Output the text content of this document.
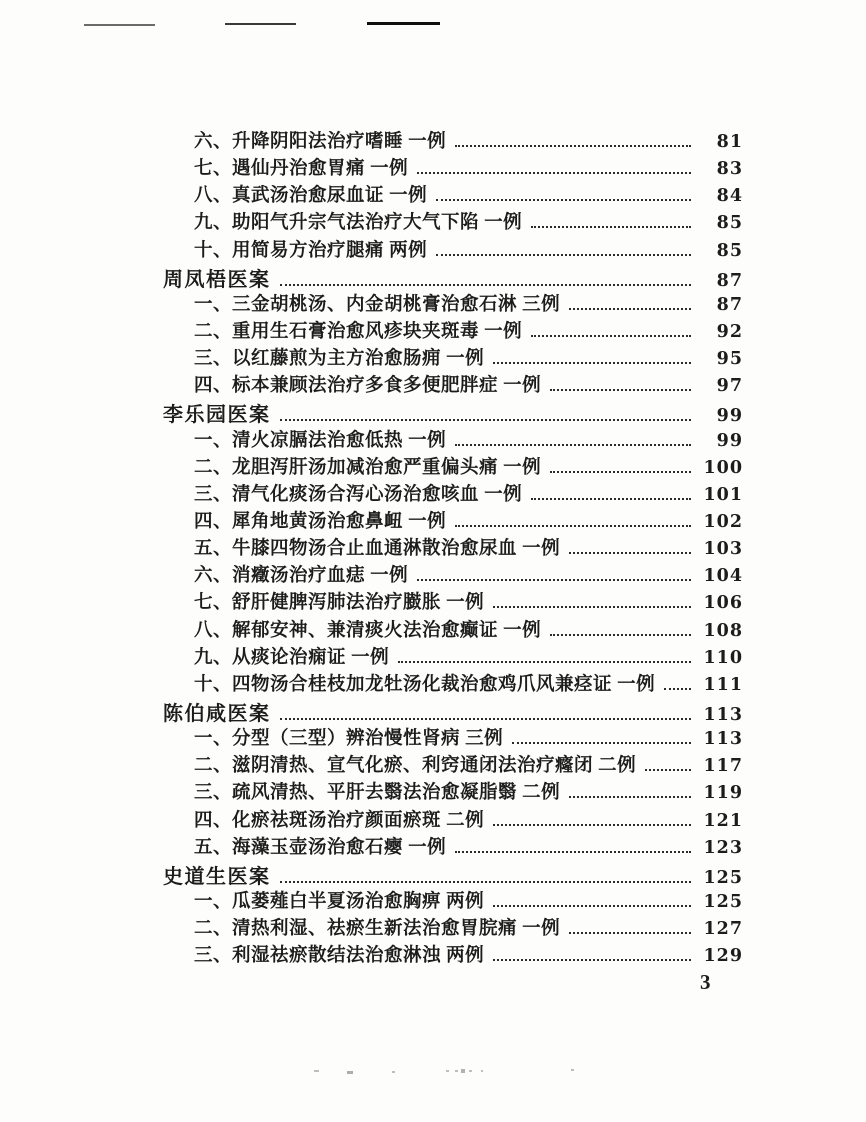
六、升降阴阳法治疗嗜睡 一例	81
七、遇仙丹治愈胃痛 一例	83
八、真武汤治愈尿血证 一例	84
九、助阳气升宗气法治疗大气下陷 一例	85
十、用简易方治疗腿痛 两例	85
周凤梧医案	87
一、三金胡桃汤、内金胡桃膏治愈石淋 三例	87
二、重用生石膏治愈风疹块夹斑毒 一例	92
三、以红藤煎为主方治愈肠痈 一例	95
四、标本兼顾法治疗多食多便肥胖症 一例	97
李乐园医案	99
一、清火凉膈法治愈低热 一例	99
二、龙胆泻肝汤加减治愈严重偏头痛 一例	100
三、清气化痰汤合泻心汤治愈咳血 一例	101
四、犀角地黄汤治愈鼻衄 一例	102
五、牛膝四物汤合止血通淋散治愈尿血 一例	103
六、消癥汤治疗血痣 一例	104
七、舒肝健脾泻肺法治疗臌胀 一例	106
八、解郁安神、兼清痰火法治愈癫证 一例	108
九、从痰论治痫证 一例	110
十、四物汤合桂枝加龙牡汤化裁治愈鸡爪风兼痉证 一例	111
陈伯咸医案	113
一、分型（三型）辨治慢性肾病 三例	113
二、滋阴清热、宣气化瘀、利窍通闭法治疗癃闭 二例	117
三、疏风清热、平肝去翳法治愈凝脂翳 二例	119
四、化瘀祛斑汤治疗颜面瘀斑 二例	121
五、海藻玉壶汤治愈石瘿 一例	123
史道生医案	125
一、瓜蒌薤白半夏汤治愈胸痹 两例	125
二、清热利湿、祛瘀生新法治愈胃脘痛 一例	127
三、利湿祛瘀散结法治愈淋浊 两例	129
3
